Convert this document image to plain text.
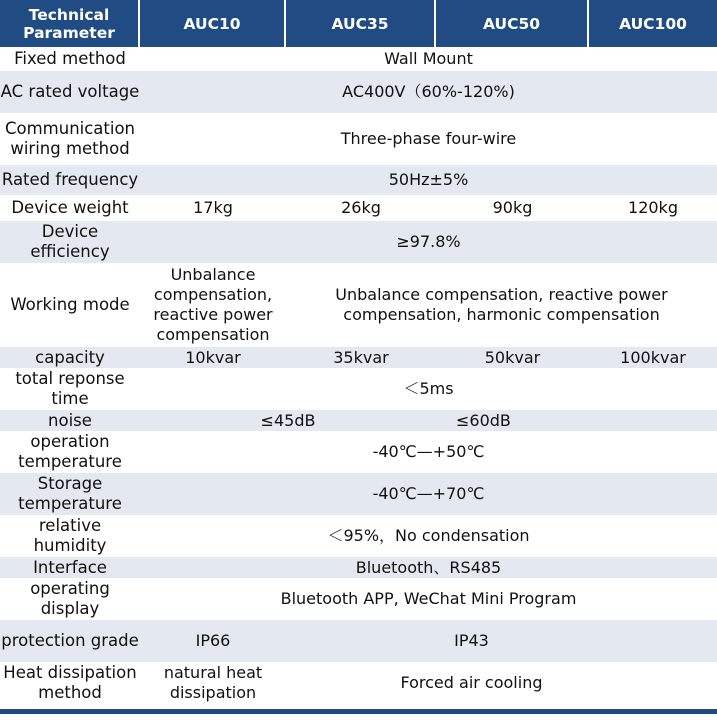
Technical Parameter	AUC10	AUC35	AUC50	AUC100
Fixed method	Wall Mount			
AC rated voltage	AC400V（60%-120%)			
Communication wiring method	Three-phase four-wire			
Rated frequency	50Hz±5%			
Device weight	17kg	26kg	90kg	120kg
Device efficiency	≥97.8%			
Working mode	Unbalance compensation, reactive power compensation	Unbalance compensation, reactive power compensation, harmonic compensation		
capacity	10kvar	35kvar	50kvar	100kvar
total reponse time	＜5ms			
noise	≤45dB		≤60dB	
operation temperature	-40℃—+50℃			
Storage temperature	-40℃—+70℃			
relative humidity	＜95%，No condensation			
Interface	Bluetooth、RS485			
operating display	Bluetooth APP, WeChat Mini Program			
protection grade	IP66	IP43		
Heat dissipation method	natural heat dissipation	Forced air cooling		
